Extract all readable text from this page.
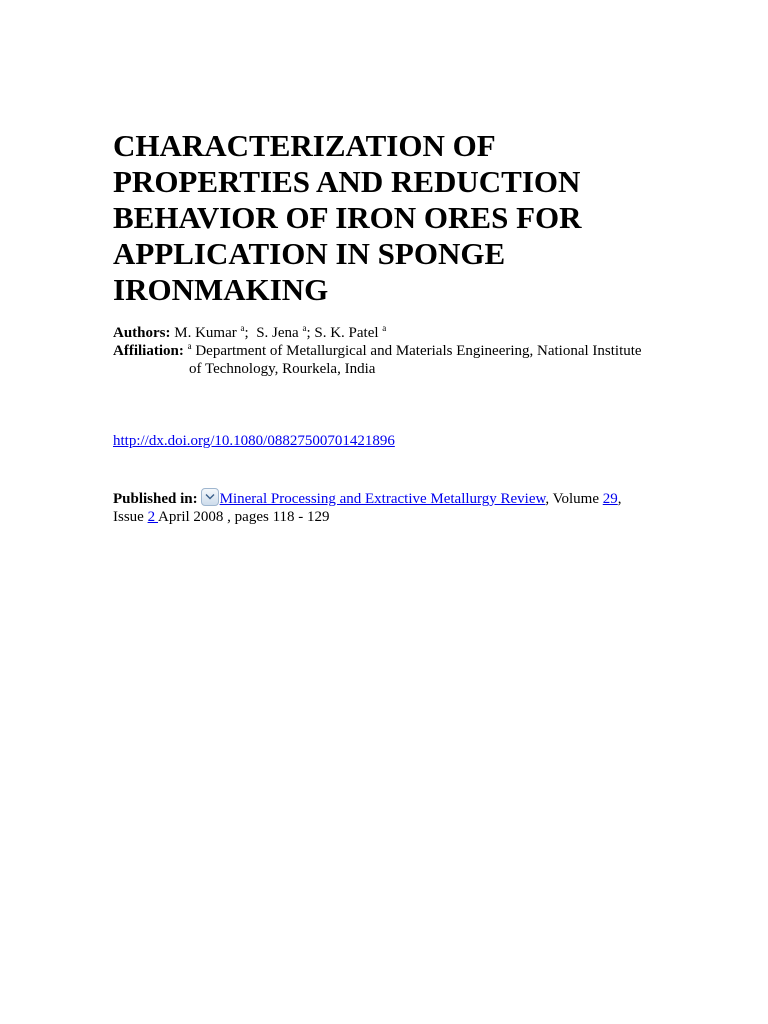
CHARACTERIZATION OF
PROPERTIES AND REDUCTION
BEHAVIOR OF IRON ORES FOR
APPLICATION IN SPONGE
IRONMAKING
Authors: M. Kumar $^a$;  S. Jena $^a$; S. K. Patel $^a$
Affiliation: $^a$ Department of Metallurgical and Materials Engineering, National Institute
of Technology, Rourkela, India
http://dx.doi.org/10.1080/08827500701421896
Published in: Mineral Processing and Extractive Metallurgy Review, Volume 29,
Issue 2 April 2008 , pages 118 - 129
